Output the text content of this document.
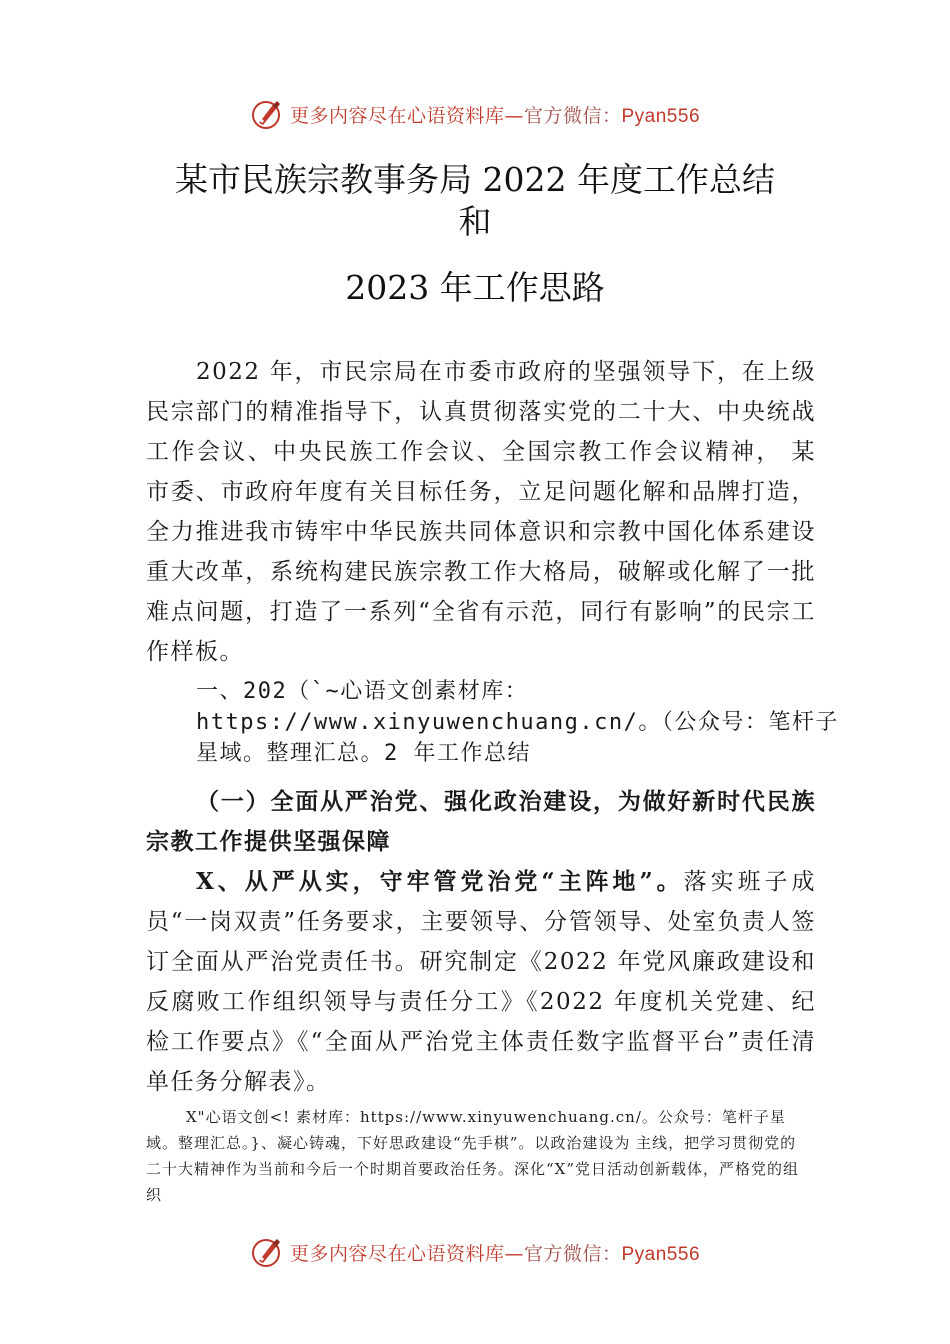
更多内容尽在心语资料库—官方微信：Pyan556
某市民族宗教事务局 2022 年度工作总结
和
2023 年工作思路
2022 年，市民宗局在市委市政府的坚强领导下，在上级民宗部门的精准指导下，认真贯彻落实党的二十大、中央统战工作会议、中央民族工作会议、全国宗教工作会议精神， 某市委、市政府年度有关目标任务，立足问题化解和品牌打造，全力推进我市铸牢中华民族共同体意识和宗教中国化体系建设重大改革，系统构建民族宗教工作大格局，破解或化解了一批难点问题，打造了一系列“全省有示范，同行有影响”的民宗工作样板。
一、202（`~心语文创素材库：https://www.xinyuwenchuang.cn/。（公众号：笔杆子星域。整理汇总。2 年工作总结
（一）全面从严治党、强化政治建设，为做好新时代民族宗教工作提供坚强保障
X、从严从实，守牢管党治党“主阵地”。落实班子成员“一岗双责”任务要求，主要领导、分管领导、处室负责人签订全面从严治党责任书。研究制定《2022 年党风廉政建设和反腐败工作组织领导与责任分工》《2022 年度机关党建、纪检工作要点》《“全面从严治党主体责任数字监督平台”责任清单任务分解表》。
X"心语文创<! 素材库：https://www.xinyuwenchuang.cn/。公众号：笔杆子星域。整理汇总。}、凝心铸魂，下好思政建设“先手棋”。以政治建设为 主线，把学习贯彻党的二十大精神作为当前和今后一个时期首要政治任务。深化“X”党日活动创新载体，严格党的组织
更多内容尽在心语资料库—官方微信：Pyan556
